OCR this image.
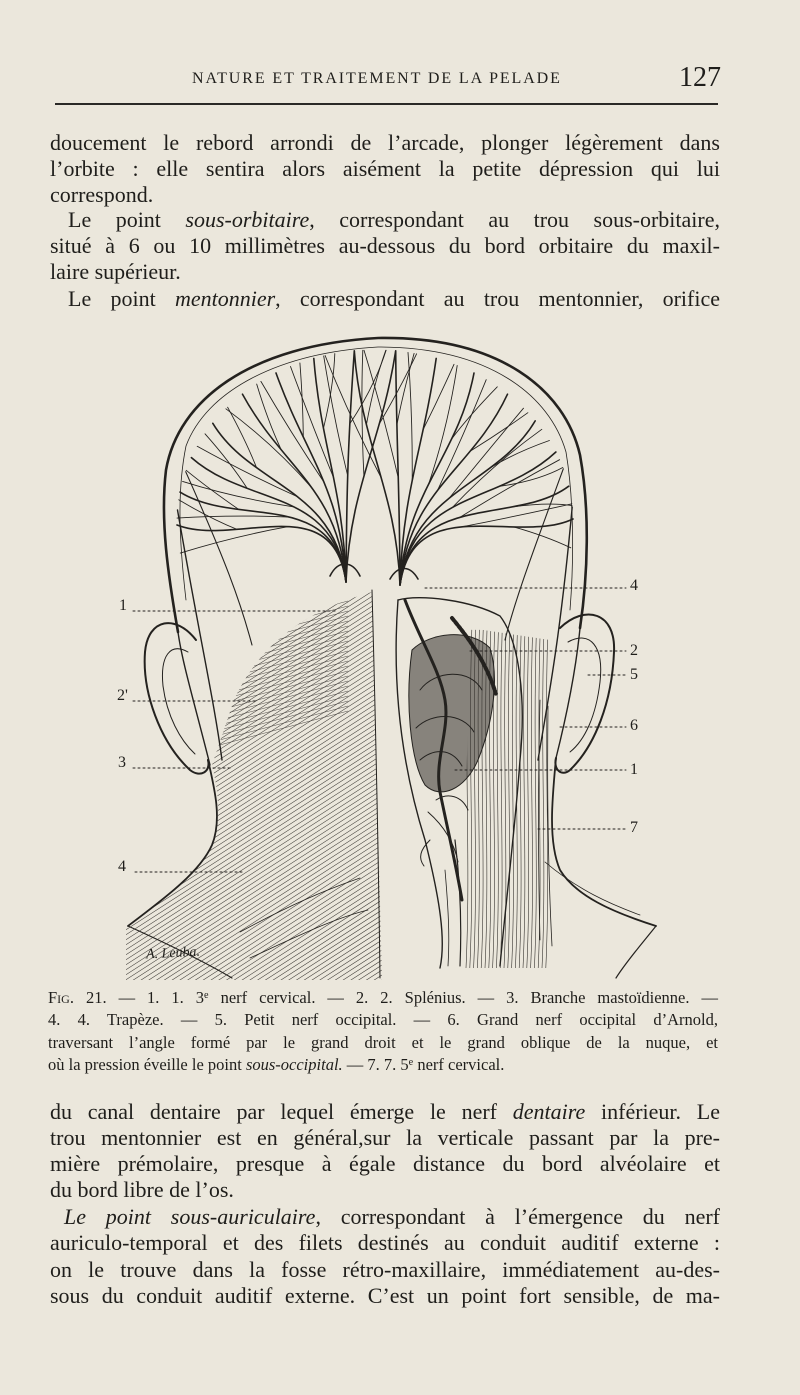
NATURE ET TRAITEMENT DE LA PELADE	127
doucement le rebord arrondi de l’arcade, plonger légèrement dans
l’orbite : elle sentira alors aisément la petite dépression qui lui
correspond.
Le point sous-orbitaire, correspondant au trou sous-orbitaire,
situé à 6 ou 10 millimètres au-dessous du bord orbitaire du maxil-
laire supérieur.
Le point mentonnier, correspondant au trou mentonnier, orifice
4
1
2
5
2'
6
3	1
7
4
A. Leuba.
Fig. 21. — 1. 1. 3e nerf cervical. — 2. 2. Splénius. — 3. Branche mastoïdienne. —
4. 4. Trapèze. — 5. Petit nerf occipital. — 6. Grand nerf occipital d’Arnold,
traversant l’angle formé par le grand droit et le grand oblique de la nuque, et
où la pression éveille le point sous-occipital. — 7. 7. 5e nerf cervical.
du canal dentaire par lequel émerge le nerf dentaire inférieur. Le
trou mentonnier est en général,sur la verticale passant par la pre-
mière prémolaire, presque à égale distance du bord alvéolaire et
du bord libre de l’os.
Le point sous-auriculaire, correspondant à l’émergence du nerf
auriculo-temporal et des filets destinés au conduit auditif externe :
on le trouve dans la fosse rétro-maxillaire, immédiatement au-des-
sous du conduit auditif externe. C’est un point fort sensible, de ma-
